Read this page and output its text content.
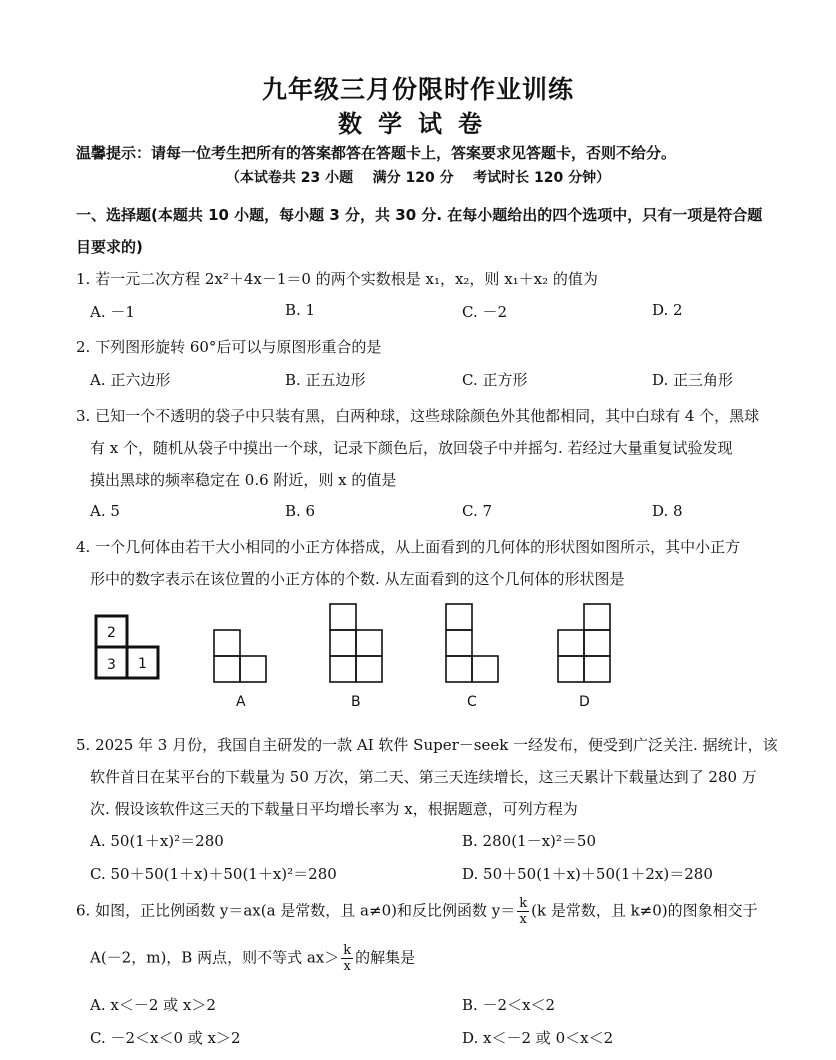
九年级三月份限时作业训练
数学试卷
温馨提示：请每一位考生把所有的答案都答在答题卡上，答案要求见答题卡，否则不给分。
（本试卷共 23 小题    满分 120 分    考试时长 120 分钟）
一、选择题(本题共 10 小题，每小题 3 分，共 30 分. 在每小题给出的四个选项中，只有一项是符合题
目要求的)
1. 若一元二次方程 2x²＋4x－1＝0 的两个实数根是 x₁，x₂，则 x₁＋x₂ 的值为
A. －1	B. 1	C. －2	D. 2
2. 下列图形旋转 60°后可以与原图形重合的是
A. 正六边形	B. 正五边形	C. 正方形	D. 正三角形
3. 已知一个不透明的袋子中只装有黑，白两种球，这些球除颜色外其他都相同，其中白球有 4 个，黑球
有 x 个，随机从袋子中摸出一个球，记录下颜色后，放回袋子中并摇匀. 若经过大量重复试验发现
摸出黑球的频率稳定在 0.6 附近，则 x 的值是
A. 5	B. 6	C. 7	D. 8
4. 一个几何体由若干大小相同的小正方体搭成，从上面看到的几何体的形状图如图所示，其中小正方
形中的数字表示在该位置的小正方体的个数. 从左面看到的这个几何体的形状图是
2
3 1
A	B	C	D
5. 2025 年 3 月份，我国自主研发的一款 AI 软件 Super－seek 一经发布，便受到广泛关注. 据统计，该
软件首日在某平台的下载量为 50 万次，第二天、第三天连续增长，这三天累计下载量达到了 280 万
次. 假设该软件这三天的下载量日平均增长率为 x，根据题意，可列方程为
A. 50(1＋x)²＝280	B. 280(1－x)²＝50
C. 50＋50(1＋x)＋50(1＋x)²＝280	D. 50＋50(1＋x)＋50(1＋2x)＝280
6. 如图，正比例函数 y＝ax(a 是常数，且 a≠0)和反比例函数 $y= \frac{k}{x} (k$ 是常数，且 k≠0)的图象相交于
A(－2，m)，B 两点，则不等式 $ax> \frac{k}{x}$ 的解集是
A. x＜－2 或 x＞2	B. －2＜x＜2
C. －2＜x＜0 或 x＞2	D. x＜－2 或 0＜x＜2
